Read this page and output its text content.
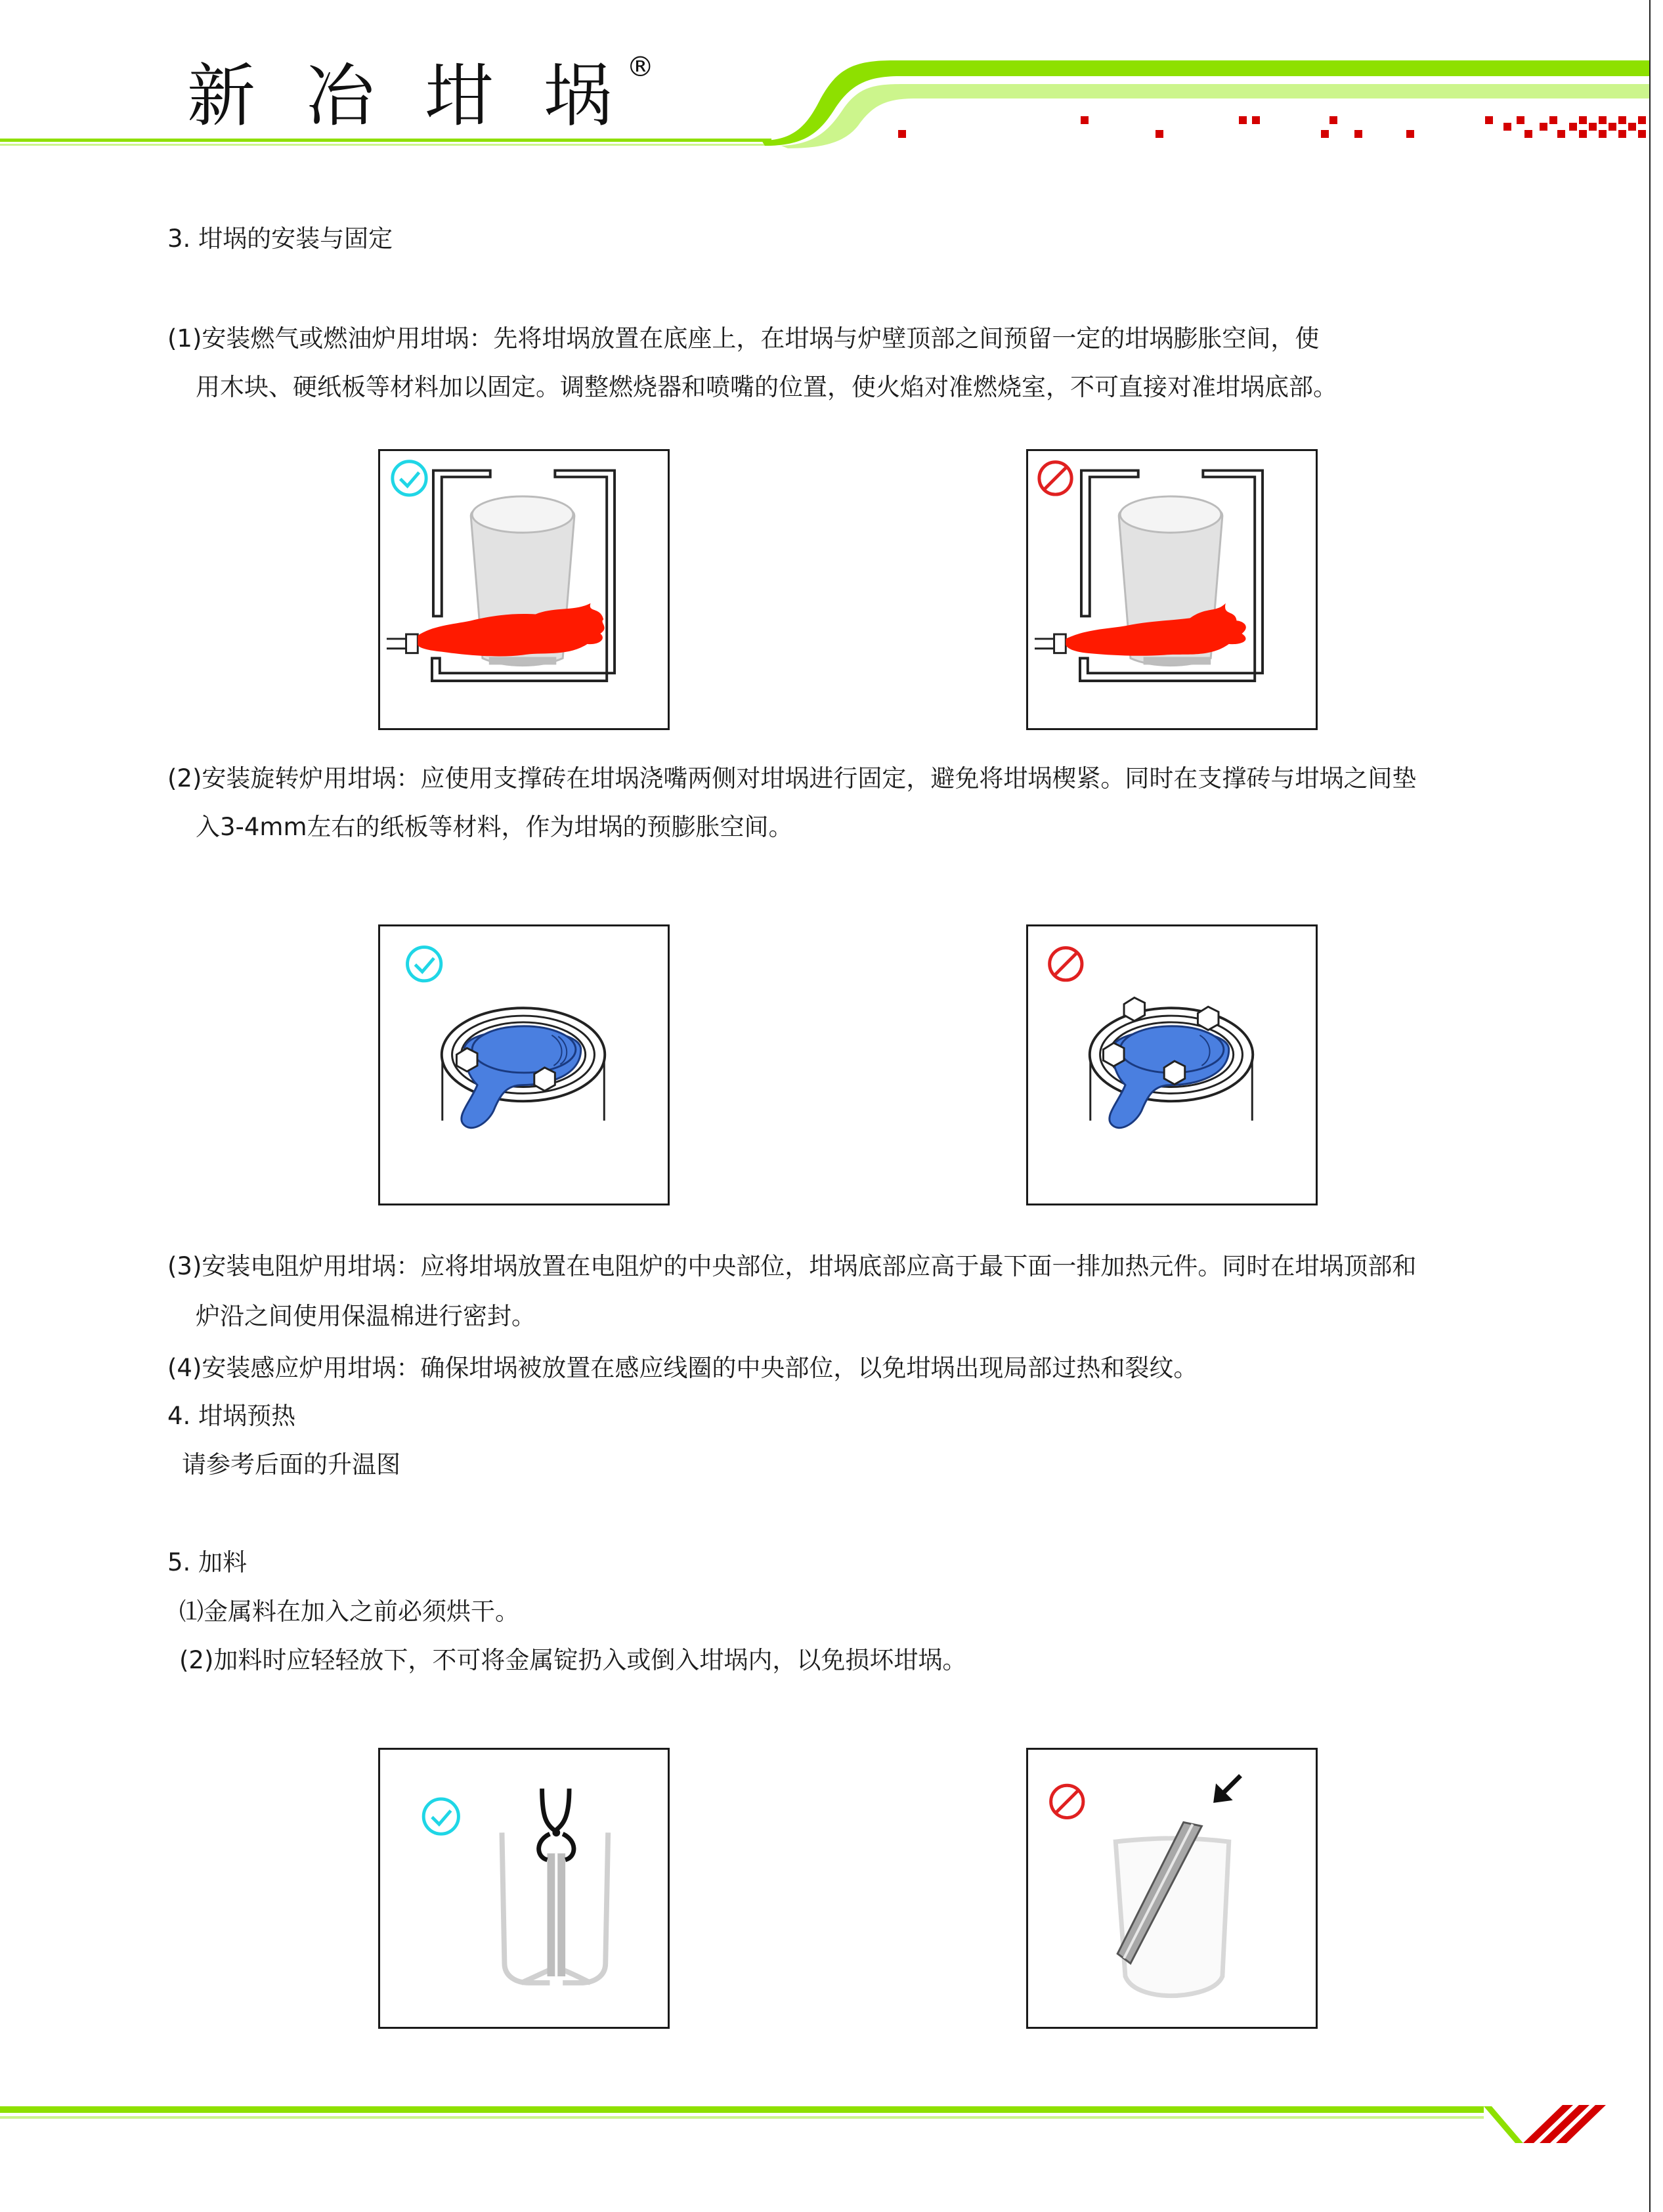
新 冶 坩 埚®
3. 坩埚的安装与固定
(1)安装燃气或燃油炉用坩埚：先将坩埚放置在底座上，在坩埚与炉壁顶部之间预留一定的坩埚膨胀空间，使
用木块、硬纸板等材料加以固定。调整燃烧器和喷嘴的位置，使火焰对准燃烧室，不可直接对准坩埚底部。
(2)安装旋转炉用坩埚：应使用支撑砖在坩埚浇嘴两侧对坩埚进行固定，避免将坩埚楔紧。同时在支撑砖与坩埚之间垫
入3-4mm左右的纸板等材料，作为坩埚的预膨胀空间。
(3)安装电阻炉用坩埚：应将坩埚放置在电阻炉的中央部位，坩埚底部应高于最下面一排加热元件。同时在坩埚顶部和
炉沿之间使用保温棉进行密封。
(4)安装感应炉用坩埚：确保坩埚被放置在感应线圈的中央部位，以免坩埚出现局部过热和裂纹。
4. 坩埚预热
请参考后面的升温图
5. 加料
⑴金属料在加入之前必须烘干。
(2)加料时应轻轻放下，不可将金属锭扔入或倒入坩埚内，以免损坏坩埚。
